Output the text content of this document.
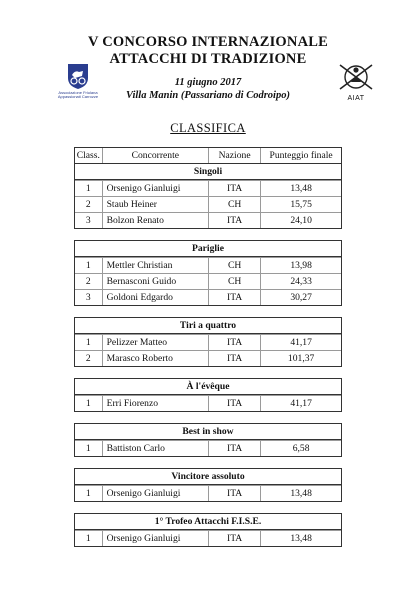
V CONCORSO INTERNAZIONALE
ATTACCHI DI TRADIZIONE
11 giugno 2017
Villa Manin (Passariano di Codroipo)
Associazione Friulana Appassionati Carrozze	AIAT
CLASSIFICA
Class.	Concorrente	Nazione	Punteggio finale
Singoli
1	Orsenigo Gianluigi	ITA	13,48
2	Staub Heiner	CH	15,75
3	Bolzon Renato	ITA	24,10
Pariglie
1	Mettler Christian	CH	13,98
2	Bernasconi Guido	CH	24,33
3	Goldoni Edgardo	ITA	30,27
Tiri a quattro
1	Pelizzer Matteo	ITA	41,17
2	Marasco Roberto	ITA	101,37
À l'évêque
1	Erri Fiorenzo	ITA	41,17
Best in show
1	Battiston Carlo	ITA	6,58
Vincitore assoluto
1	Orsenigo Gianluigi	ITA	13,48
1° Trofeo Attacchi F.I.S.E.
1	Orsenigo Gianluigi	ITA	13,48
